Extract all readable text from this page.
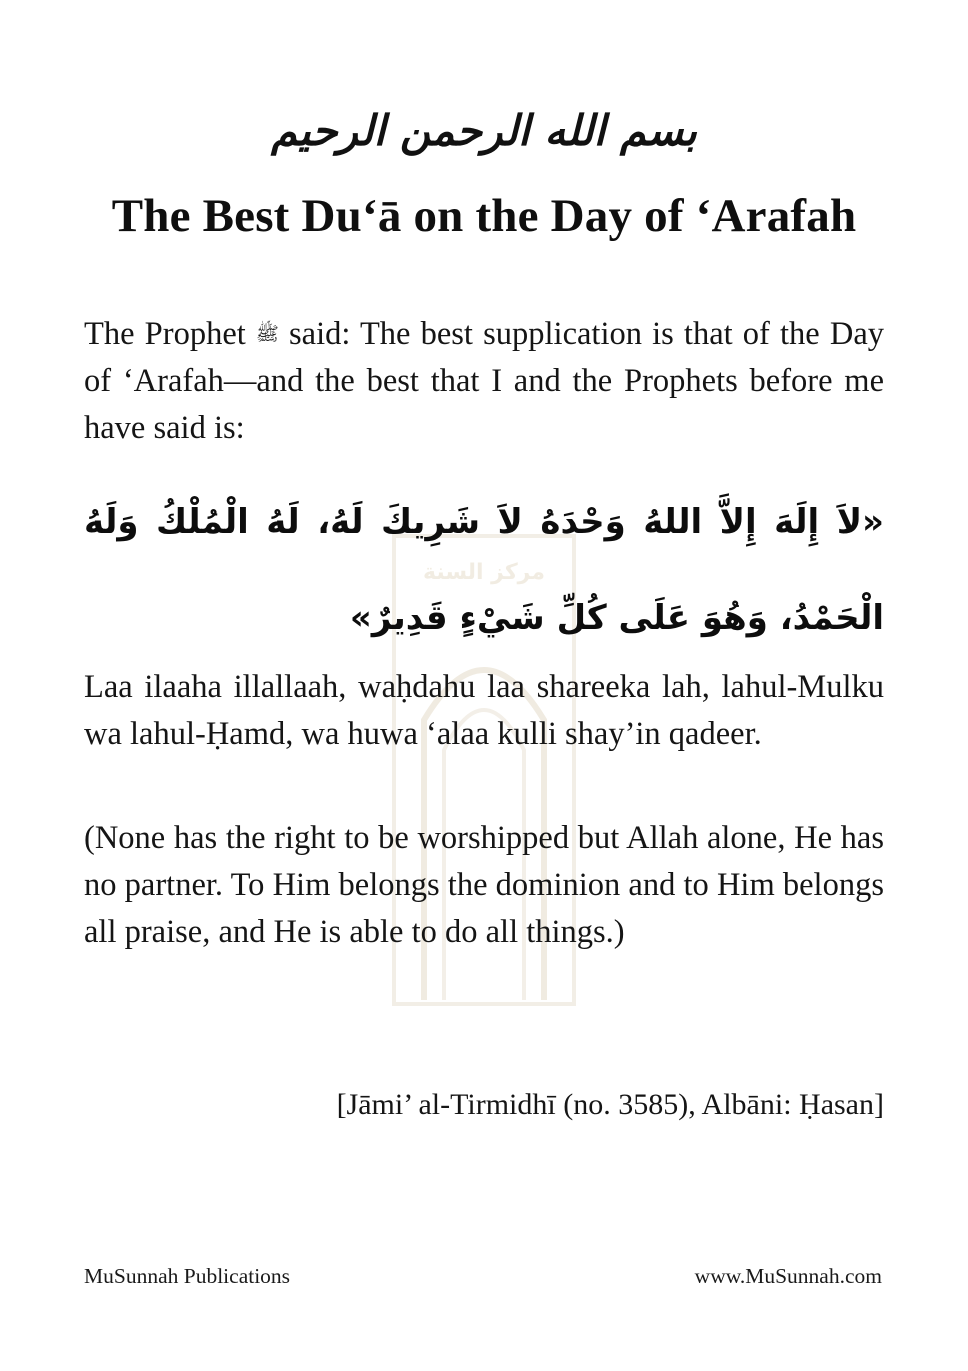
مركز السنة
بسم الله الرحمن الرحيم
The Best Du‘ā on the Day of ‘Arafah

The Prophet ﷺ said: The best supplication is that of the Day of ‘Arafah—and the best that I and the Prophets before me have said is:

«لاَ إِلَهَ إِلاَّ اللهُ وَحْدَهُ لاَ شَرِيكَ لَهُ، لَهُ الْمُلْكُ وَلَهُ الْحَمْدُ، وَهُوَ عَلَى كُلِّ شَيْءٍ قَدِيرٌ»

Laa ilaaha illallaah, waḥdahu laa shareeka lah, lahul-Mulku wa lahul-Ḥamd, wa huwa ‘alaa kulli shay’in qadeer.

(None has the right to be worshipped but Allah alone, He has no partner. To Him belongs the dominion and to Him belongs all praise, and He is able to do all things.)

[Jāmi’ al-Tirmidhī (no. 3585), Albāni: Ḥasan]

MuSunnah Publications	www.MuSunnah.com
